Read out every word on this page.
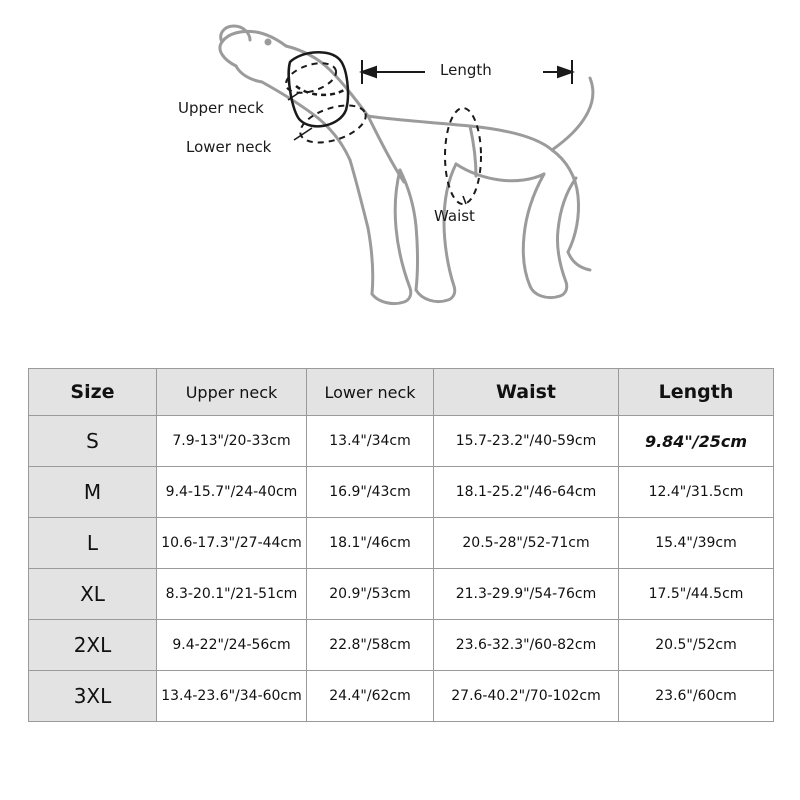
Upper neck
Lower neck
Waist
Length
Size	Upper neck	Lower neck	Waist	Length
S	7.9-13"/20-33cm	13.4"/34cm	15.7-23.2"/40-59cm	9.84"/25cm
M	9.4-15.7"/24-40cm	16.9"/43cm	18.1-25.2"/46-64cm	12.4"/31.5cm
L	10.6-17.3"/27-44cm	18.1"/46cm	20.5-28"/52-71cm	15.4"/39cm
XL	8.3-20.1"/21-51cm	20.9"/53cm	21.3-29.9"/54-76cm	17.5"/44.5cm
2XL	9.4-22"/24-56cm	22.8"/58cm	23.6-32.3"/60-82cm	20.5"/52cm
3XL	13.4-23.6"/34-60cm	24.4"/62cm	27.6-40.2"/70-102cm	23.6"/60cm
